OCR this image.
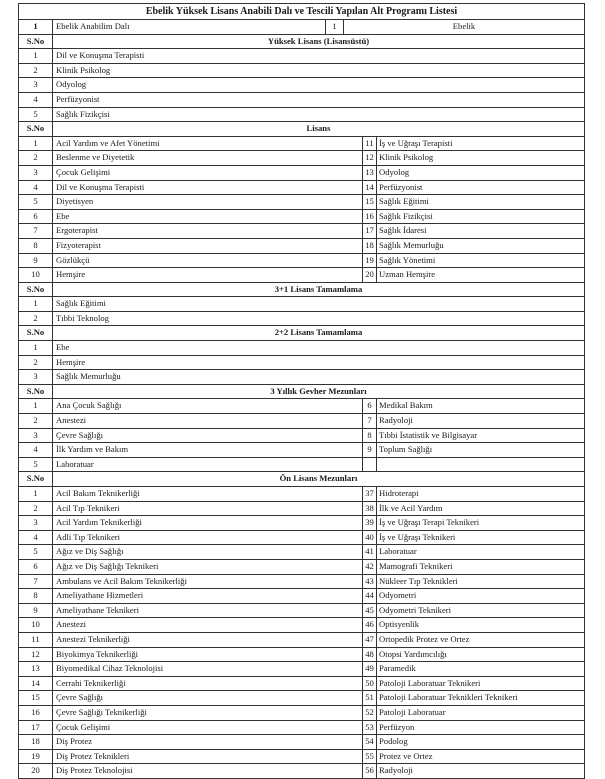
Ebelik Yüksek Lisans Anabili Dalı ve Tescili Yapılan Alt Programı Listesi
1	Ebelik Anabilim Dalı	1	Ebelik
S.No	Yüksek Lisans (Lisansüstü)
1	Dil ve Konuşma Terapisti
2	Klinik Psikolog
3	Odyolog
4	Perfüzyonist
5	Sağlık Fizikçisi
S.No	Lisans
1	Acil Yardım ve Afet Yönetimi	11 İş ve Uğraşı Terapisti
2	Beslenme ve Diyetetik	12 Klinik Psikolog
3	Çocuk Gelişimi	13 Odyolog
4	Dil ve Konuşma Terapisti	14 Perfüzyonist
5	Diyetisyen	15 Sağlık Eğitimi
6	Ebe	16 Sağlık Fizikçisi
7	Ergoterapist	17 Sağlık İdaresi
8	Fizyoterapist	18 Sağlık Memurluğu
9	Gözlükçü	19 Sağlık Yönetimi
10	Hemşire	20 Uzman Hemşire
S.No	3+1 Lisans Tamamlama
1	Sağlık Eğitimi
2	Tıbbi Teknolog
S.No	2+2 Lisans Tamamlama
1	Ebe
2	Hemşire
3	Sağlık Memurluğu
S.No	3 Yıllık Gevher Mezunları
1	Ana Çocuk Sağlığı	6 Medikal Bakım
2	Anestezi	7 Radyoloji
3	Çevre Sağlığı	8 Tıbbi İstatistik ve Bilgisayar
4	İlk Yardım ve Bakım	9 Toplum Sağlığı
5	Laboratuar
S.No	Ön Lisans Mezunları
1	Acil Bakım Teknikerliği	37 Hidroterapi
2	Acil Tıp Teknikeri	38 İlk ve Acil Yardım
3	Acil Yardım Teknikerliği	39 İş ve Uğraşı Terapi Teknikeri
4	Adli Tıp Teknikeri	40 İş ve Uğraşı Teknikeri
5	Ağız ve Diş Sağlığı	41 Laboratuar
6	Ağız ve Diş Sağlığı Teknikeri	42 Mamografi Teknikeri
7	Ambulans ve Acil Bakım Teknikerliği	43 Nükleer Tıp Teknikleri
8	Ameliyathane Hizmetleri	44 Odyometri
9	Ameliyathane Teknikeri	45 Odyometri Teknikeri
10	Anestezi	46 Optisyenlik
11	Anestezi Teknikerliği	47 Ortopedik Protez ve Ortez
12	Biyokimya Teknikerliği	48 Otopsi Yardımcılığı
13	Biyomedikal Cihaz Teknolojisi	49 Paramedik
14	Cerrahi Teknikerliği	50 Patoloji Laboratuar Teknikeri
15	Çevre Sağlığı	51 Patoloji Laboratuar Teknikleri Teknikeri
16	Çevre Sağlığı Teknikerliği	52 Patoloji Laboratuar
17	Çocuk Gelişimi	53 Perfüzyon
18	Diş Protez	54 Podolog
19	Diş Protez Teknikleri	55 Protez ve Ortez
20	Diş Protez Teknolojisi	56 Radyoloji
